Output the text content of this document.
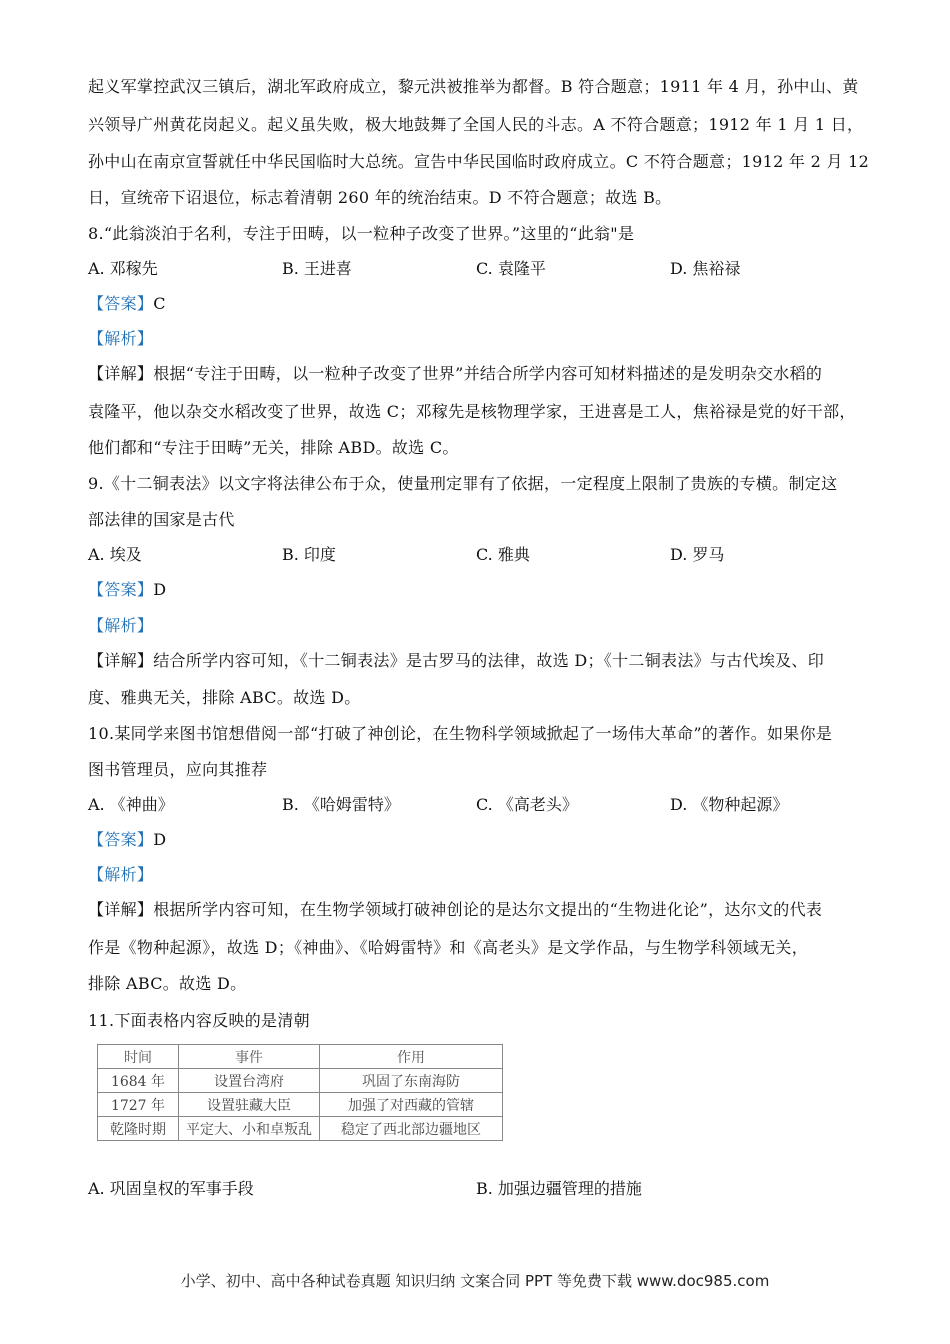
起义军掌控武汉三镇后，湖北军政府成立，黎元洪被推举为都督。B 符合题意；1911 年 4 月，孙中山、黄
兴领导广州黄花岗起义。起义虽失败，极大地鼓舞了全国人民的斗志。A 不符合题意；1912 年 1 月 1 日，
孙中山在南京宣誓就任中华民国临时大总统。宣告中华民国临时政府成立。C 不符合题意；1912 年 2 月 12
日，宣统帝下诏退位，标志着清朝 260 年的统治结束。D 不符合题意；故选 B。
8.“此翁淡泊于名利，专注于田畴，以一粒种子改变了世界。”这里的“此翁"是
A. 邓稼先	B. 王进喜	C. 袁隆平	D. 焦裕禄
【答案】C
【解析】
【详解】根据“专注于田畴，以一粒种子改变了世界”并结合所学内容可知材料描述的是发明杂交水稻的
袁隆平，他以杂交水稻改变了世界，故选 C；邓稼先是核物理学家，王进喜是工人，焦裕禄是党的好干部，
他们都和“专注于田畴”无关，排除 ABD。故选 C。
9.《十二铜表法》以文字将法律公布于众，使量刑定罪有了依据，一定程度上限制了贵族的专横。制定这
部法律的国家是古代
A. 埃及	B. 印度	C. 雅典	D. 罗马
【答案】D
【解析】
【详解】结合所学内容可知，《十二铜表法》是古罗马的法律，故选 D；《十二铜表法》与古代埃及、印
度、雅典无关，排除 ABC。故选 D。
10.某同学来图书馆想借阅一部“打破了神创论，在生物科学领域掀起了一场伟大革命”的著作。如果你是
图书管理员，应向其推荐
A. 《神曲》	B. 《哈姆雷特》	C. 《高老头》	D. 《物种起源》
【答案】D
【解析】
【详解】根据所学内容可知，在生物学领域打破神创论的是达尔文提出的“生物进化论”，达尔文的代表
作是《物种起源》，故选 D；《神曲》、《哈姆雷特》和《高老头》是文学作品，与生物学科领域无关，
排除 ABC。故选 D。
11.下面表格内容反映的是清朝
时间	事件	作用
1684 年	设置台湾府	巩固了东南海防
1727 年	设置驻藏大臣	加强了对西藏的管辖
乾隆时期	平定大、小和卓叛乱	稳定了西北部边疆地区
A. 巩固皇权的军事手段	B. 加强边疆管理的措施
小学、初中、高中各种试卷真题 知识归纳 文案合同 PPT 等免费下载 www.doc985.com
